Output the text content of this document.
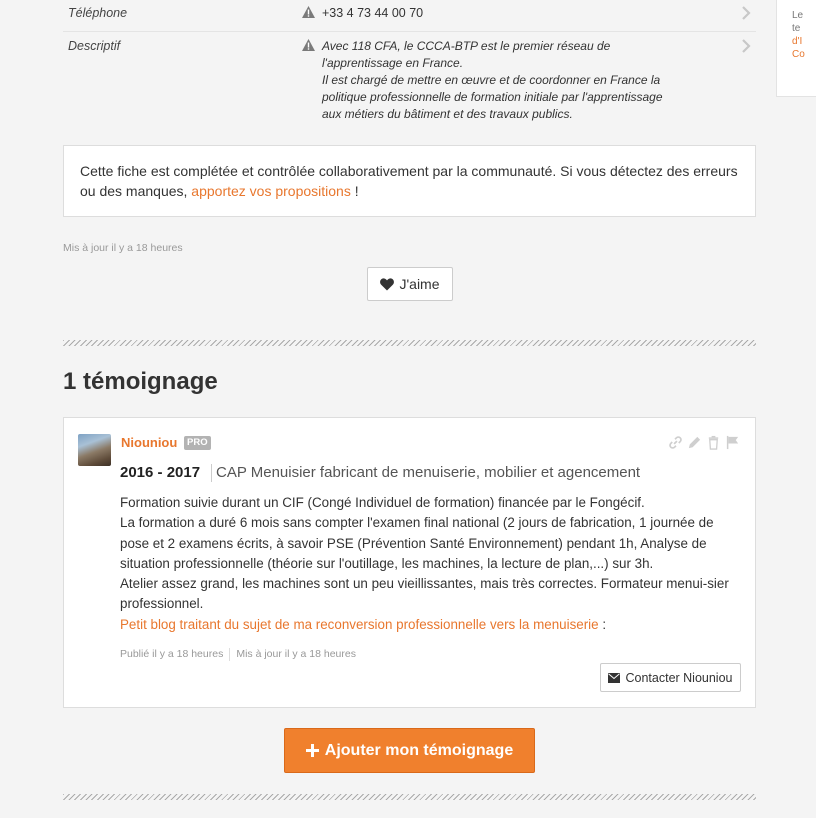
Le
te
d'I
Co
Téléphone	+33 4 73 44 00 70
Descriptif	Avec 118 CFA, le CCCA-BTP est le premier réseau de
l'apprentissage en France.
Il est chargé de mettre en œuvre et de coordonner en France la
politique professionnelle de formation initiale par l'apprentissage
aux métiers du bâtiment et des travaux publics.
Cette fiche est complétée et contrôlée collaborativement par la communauté. Si vous détectez des erreurs ou des manques, apportez vos propositions !
Mis à jour il y a 18 heures
J'aime
1 témoignage
Niouniou	PRO
2016 - 2017 CAP Menuisier fabricant de menuiserie, mobilier et agencement

Formation suivie durant un CIF (Congé Individuel de formation) financée par le Fongécif.

La formation a duré 6 mois sans compter l'examen final national (2 jours de fabrication, 1 journée de pose et 2 examens écrits, à savoir PSE (Prévention Santé Environnement) pendant 1h, Analyse de situation professionnelle (théorie sur l'outillage, les machines, la lecture de plan,...) sur 3h.

Atelier assez grand, les machines sont un peu vieillissantes, mais très correctes. Formateur menui-sier professionnel.

Petit blog traitant du sujet de ma reconversion professionnelle vers la menuiserie :

Publié il y a 18 heures Mis à jour il y a 18 heures
Contacter Niouniou
Ajouter mon témoignage
